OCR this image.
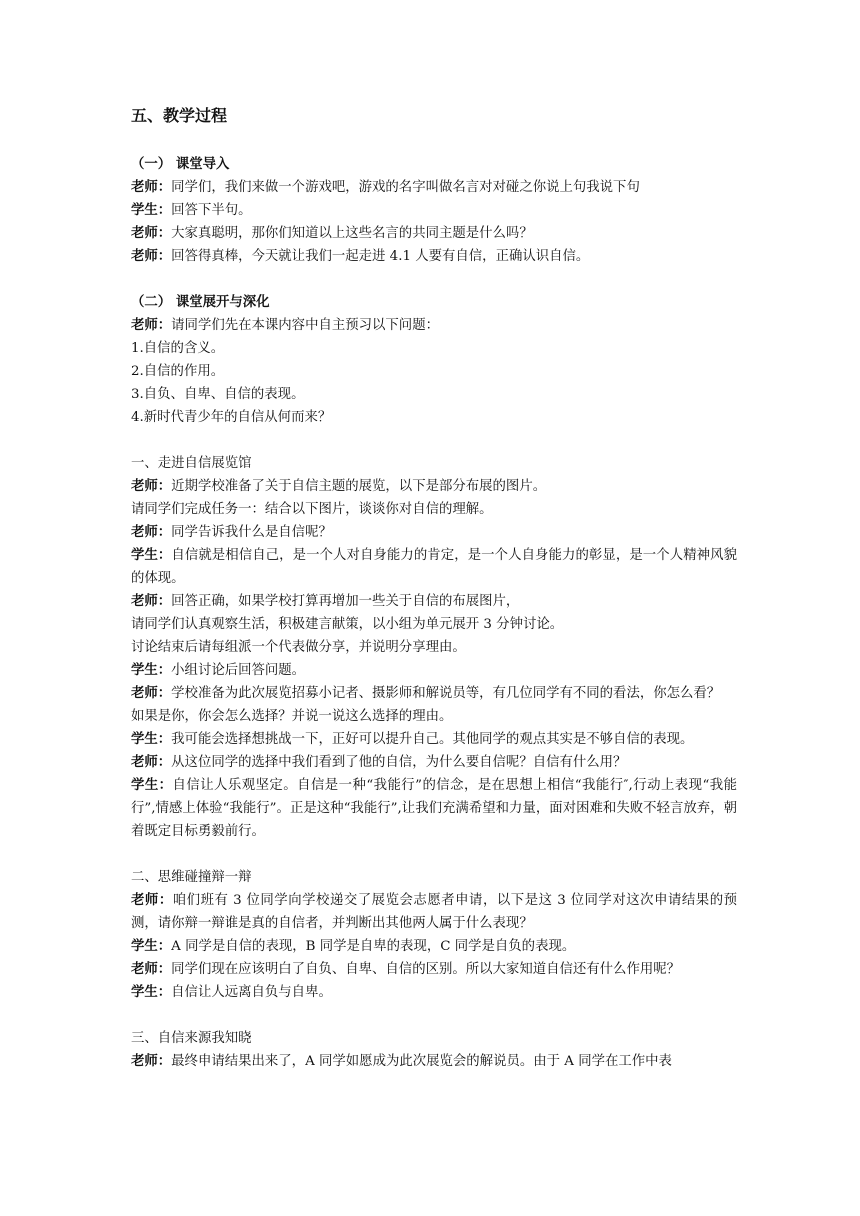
五、教学过程

（一） 课堂导入

老师：同学们，我们来做一个游戏吧，游戏的名字叫做名言对对碰之你说上句我说下句

学生：回答下半句。

老师：大家真聪明，那你们知道以上这些名言的共同主题是什么吗？

老师：回答得真棒，今天就让我们一起走进 4.1 人要有自信，正确认识自信。

（二） 课堂展开与深化

老师：请同学们先在本课内容中自主预习以下问题：

1.自信的含义。

2.自信的作用。

3.自负、自卑、自信的表现。

4.新时代青少年的自信从何而来？

一、走进自信展览馆

老师：近期学校准备了关于自信主题的展览，以下是部分布展的图片。

请同学们完成任务一：结合以下图片，谈谈你对自信的理解。

老师：同学告诉我什么是自信呢？

学生：自信就是相信自己，是一个人对自身能力的肯定，是一个人自身能力的彰显，是一个人精神风貌的体现。

老师：回答正确，如果学校打算再增加一些关于自信的布展图片，

请同学们认真观察生活，积极建言献策，以小组为单元展开 3 分钟讨论。

讨论结束后请每组派一个代表做分享，并说明分享理由。

学生：小组讨论后回答问题。

老师：学校准备为此次展览招募小记者、摄影师和解说员等，有几位同学有不同的看法，你怎么看？

如果是你，你会怎么选择？并说一说这么选择的理由。

学生：我可能会选择想挑战一下，正好可以提升自己。其他同学的观点其实是不够自信的表现。

老师：从这位同学的选择中我们看到了他的自信，为什么要自信呢？自信有什么用？

学生：自信让人乐观坚定。自信是一种“我能行”的信念，是在思想上相信“我能行″,行动上表现“我能行”,情感上体验“我能行”。正是这种“我能行”,让我们充满希望和力量，面对困难和失败不轻言放弃，朝着既定目标勇毅前行。

二、思维碰撞辩一辩

老师：咱们班有 3 位同学向学校递交了展览会志愿者申请，以下是这 3 位同学对这次申请结果的预测，请你辩一辩谁是真的自信者，并判断出其他两人属于什么表现？

学生：A 同学是自信的表现，B 同学是自卑的表现，C 同学是自负的表现。

老师：同学们现在应该明白了自负、自卑、自信的区别。所以大家知道自信还有什么作用呢？

学生：自信让人远离自负与自卑。

三、自信来源我知晓

老师：最终申请结果出来了，A 同学如愿成为此次展览会的解说员。由于 A 同学在工作中表
